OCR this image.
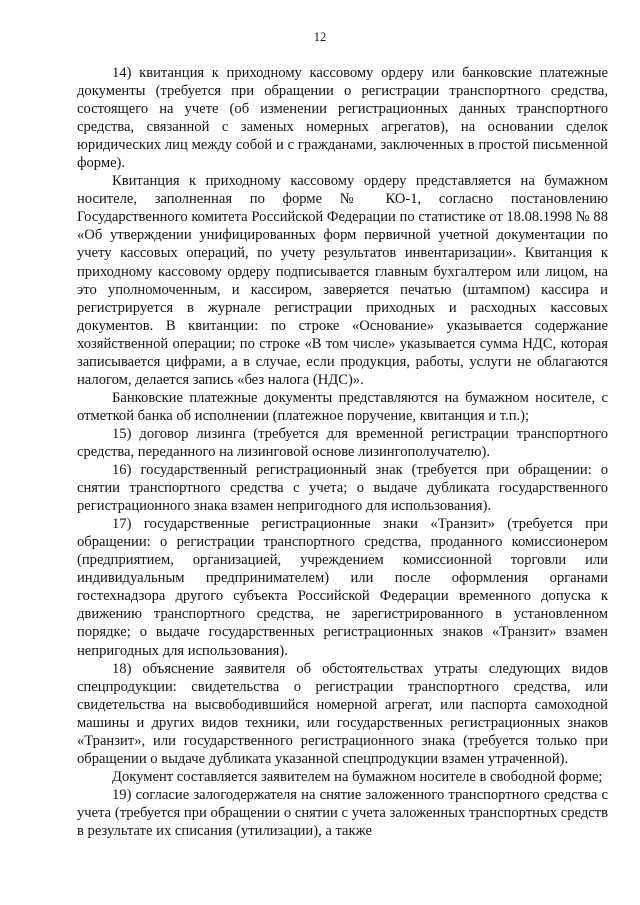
12

14) квитанция к приходному кассовому ордеру или банковские платежные документы (требуется при обращении о регистрации транспортного средства, состоящего на учете (об изменении регистрационных данных транспортного средства, связанной с заменых номерных агрегатов), на основании сделок юридических лиц между собой и с гражданами, заключенных в простой письменной форме).

Квитанция к приходному кассовому ордеру представляется на бумажном носителе, заполненная по форме № КО-1, согласно постановлению Государственного комитета Российской Федерации по статистике от 18.08.1998 № 88 «Об утверждении унифицированных форм первичной учетной документации по учету кассовых операций, по учету результатов инвентаризации». Квитанция к приходному кассовому ордеру подписывается главным бухгалтером или лицом, на это уполномоченным, и кассиром, заверяется печатью (штампом) кассира и регистрируется в журнале регистрации приходных и расходных кассовых документов. В квитанции: по строке «Основание» указывается содержание хозяйственной операции; по строке «В том числе» указывается сумма НДС, которая записывается цифрами, а в случае, если продукция, работы, услуги не облагаются налогом, делается запись «без налога (НДС)».

Банковские платежные документы представляются на бумажном носителе, с отметкой банка об исполнении (платежное поручение, квитанция и т.п.);

15) договор лизинга (требуется для временной регистрации транспортного средства, переданного на лизинговой основе лизингополучателю).

16) государственный регистрационный знак (требуется при обращении: о снятии транспортного средства с учета; о выдаче дубликата государственного регистрационного знака взамен непригодного для использования).

17) государственные регистрационные знаки «Транзит» (требуется при обращении: о регистрации транспортного средства, проданного комиссионером (предприятием, организацией, учреждением комиссионной торговли или индивидуальным предпринимателем) или после оформления органами гостехнадзора другого субъекта Российской Федерации временного допуска к движению транспортного средства, не зарегистрированного в установленном порядке; о выдаче государственных регистрационных знаков «Транзит» взамен непригодных для использования).

18) объяснение заявителя об обстоятельствах утраты следующих видов спецпродукции: свидетельства о регистрации транспортного средства, или свидетельства на высвободившийся номерной агрегат, или паспорта самоходной машины и других видов техники, или государственных регистрационных знаков «Транзит», или государственного регистрационного знака (требуется только при обращении о выдаче дубликата указанной спецпродукции взамен утраченной).

Документ составляется заявителем на бумажном носителе в свободной форме;

19) согласие залогодержателя на снятие заложенного транспортного средства с учета (требуется при обращении о снятии с учета заложенных транспортных средств в результате их списания (утилизации), а также
